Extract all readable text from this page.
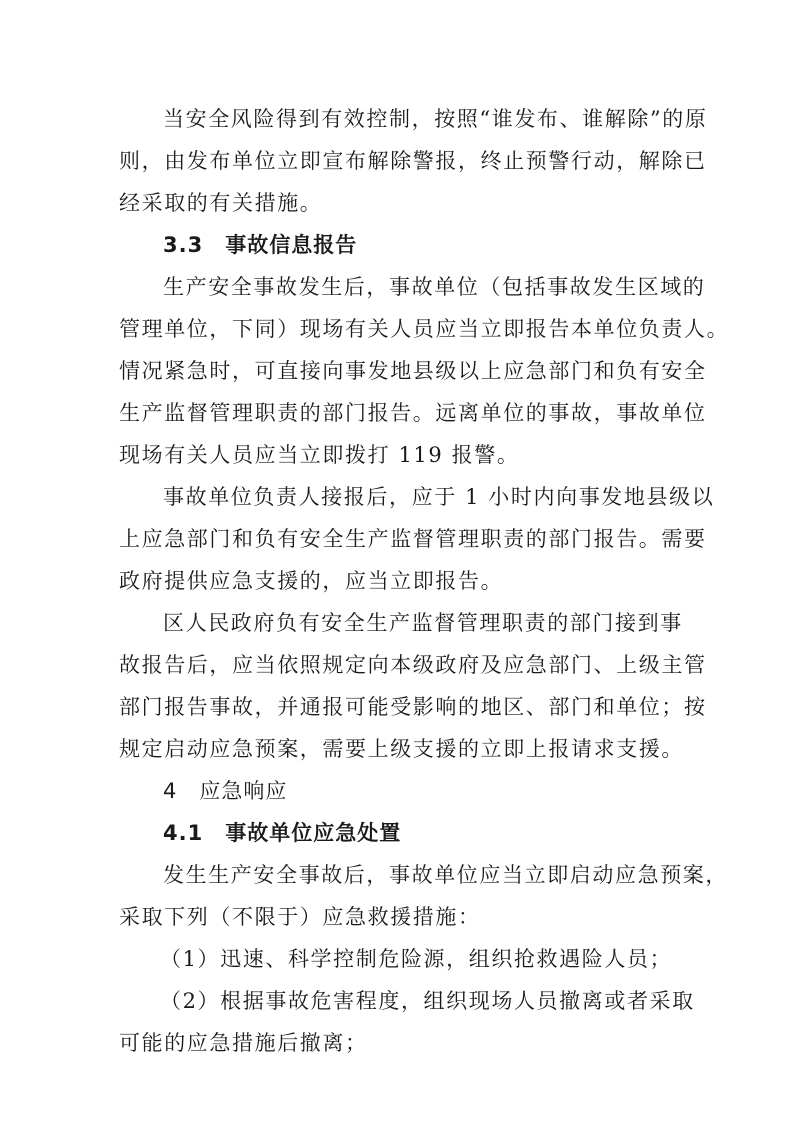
当安全风险得到有效控制，按照“谁发布、谁解除”的原
则，由发布单位立即宣布解除警报，终止预警行动，解除已
经采取的有关措施。
3.3　事故信息报告
生产安全事故发生后，事故单位（包括事故发生区域的
管理单位，下同）现场有关人员应当立即报告本单位负责人。
情况紧急时，可直接向事发地县级以上应急部门和负有安全
生产监督管理职责的部门报告。远离单位的事故，事故单位
现场有关人员应当立即拨打 119 报警。
事故单位负责人接报后，应于 1 小时内向事发地县级以
上应急部门和负有安全生产监督管理职责的部门报告。需要
政府提供应急支援的，应当立即报告。
区人民政府负有安全生产监督管理职责的部门接到事
故报告后，应当依照规定向本级政府及应急部门、上级主管
部门报告事故，并通报可能受影响的地区、部门和单位；按
规定启动应急预案，需要上级支援的立即上报请求支援。
4　应急响应
4.1　事故单位应急处置
发生生产安全事故后，事故单位应当立即启动应急预案，
采取下列（不限于）应急救援措施：
（1）迅速、科学控制危险源，组织抢救遇险人员；
（2）根据事故危害程度，组织现场人员撤离或者采取
可能的应急措施后撤离；
